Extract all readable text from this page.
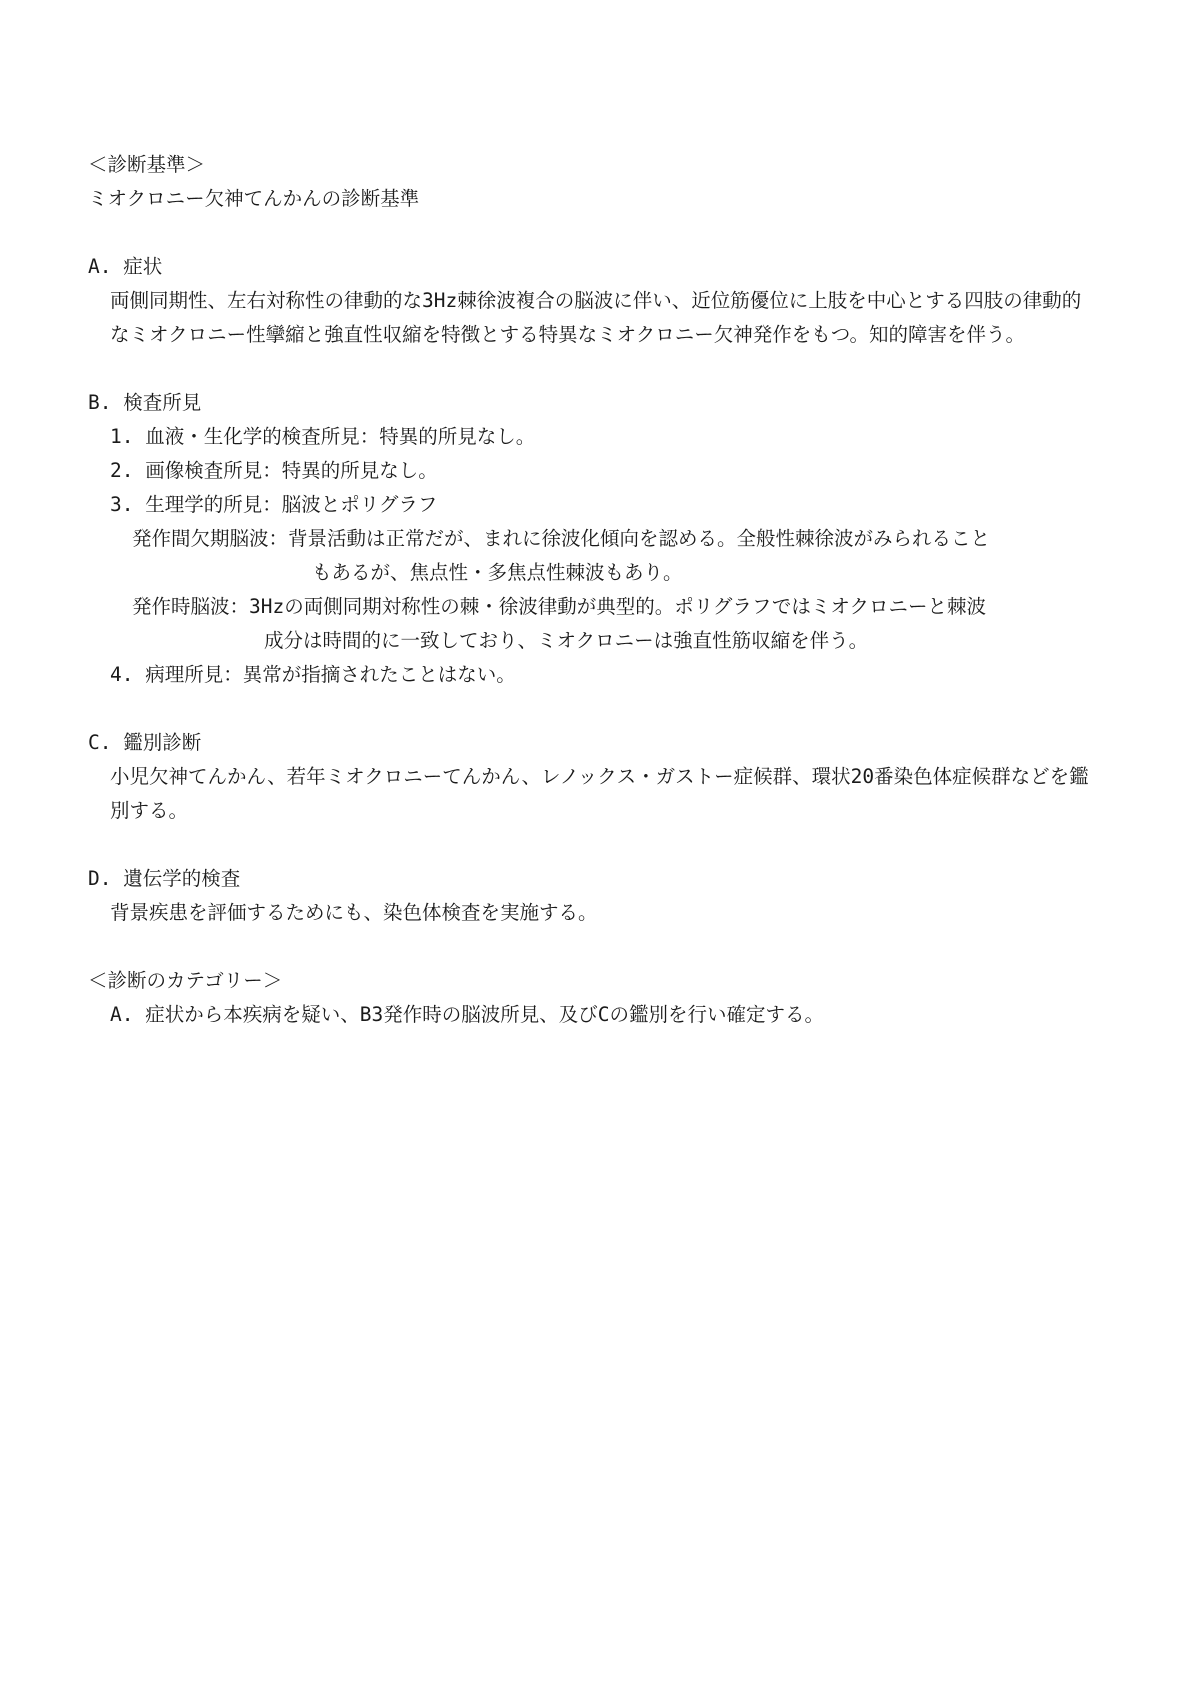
＜診断基準＞
ミオクロニー欠神てんかんの診断基準
A. 症状
両側同期性、左右対称性の律動的な3Hz棘徐波複合の脳波に伴い、近位筋優位に上肢を中心とする四肢の律動的なミオクロニー性攣縮と強直性収縮を特徴とする特異なミオクロニー欠神発作をもつ。知的障害を伴う。
B. 検査所見
1. 血液・生化学的検査所見：特異的所見なし。
2. 画像検査所見：特異的所見なし。
3. 生理学的所見：脳波とポリグラフ
発作間欠期脳波：背景活動は正常だが、まれに徐波化傾向を認める。全般性棘徐波がみられること
もあるが、焦点性・多焦点性棘波もあり。
発作時脳波：3Hzの両側同期対称性の棘・徐波律動が典型的。ポリグラフではミオクロニーと棘波
成分は時間的に一致しており、ミオクロニーは強直性筋収縮を伴う。
4. 病理所見：異常が指摘されたことはない。
C. 鑑別診断
小児欠神てんかん、若年ミオクロニーてんかん、レノックス・ガストー症候群、環状20番染色体症候群などを鑑別する。
D. 遺伝学的検査
背景疾患を評価するためにも、染色体検査を実施する。
＜診断のカテゴリー＞
A. 症状から本疾病を疑い、B3発作時の脳波所見、及びCの鑑別を行い確定する。
